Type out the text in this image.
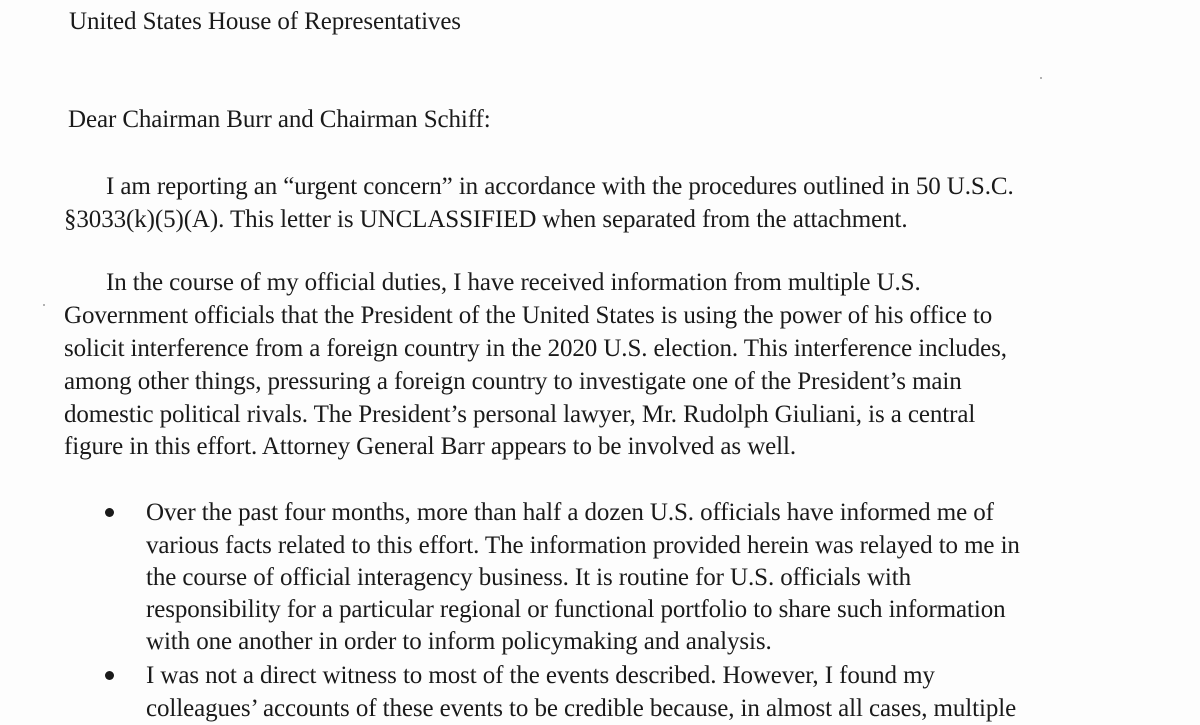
United States House of Representatives
Dear Chairman Burr and Chairman Schiff:
I am reporting an “urgent concern” in accordance with the procedures outlined in 50 U.S.C.
§3033(k)(5)(A). This letter is UNCLASSIFIED when separated from the attachment.
In the course of my official duties, I have received information from multiple U.S.
Government officials that the President of the United States is using the power of his office to
solicit interference from a foreign country in the 2020 U.S. election. This interference includes,
among other things, pressuring a foreign country to investigate one of the President’s main
domestic political rivals. The President’s personal lawyer, Mr. Rudolph Giuliani, is a central
figure in this effort. Attorney General Barr appears to be involved as well.
Over the past four months, more than half a dozen U.S. officials have informed me of
various facts related to this effort. The information provided herein was relayed to me in
the course of official interagency business. It is routine for U.S. officials with
responsibility for a particular regional or functional portfolio to share such information
with one another in order to inform policymaking and analysis.
I was not a direct witness to most of the events described. However, I found my
colleagues’ accounts of these events to be credible because, in almost all cases, multiple
